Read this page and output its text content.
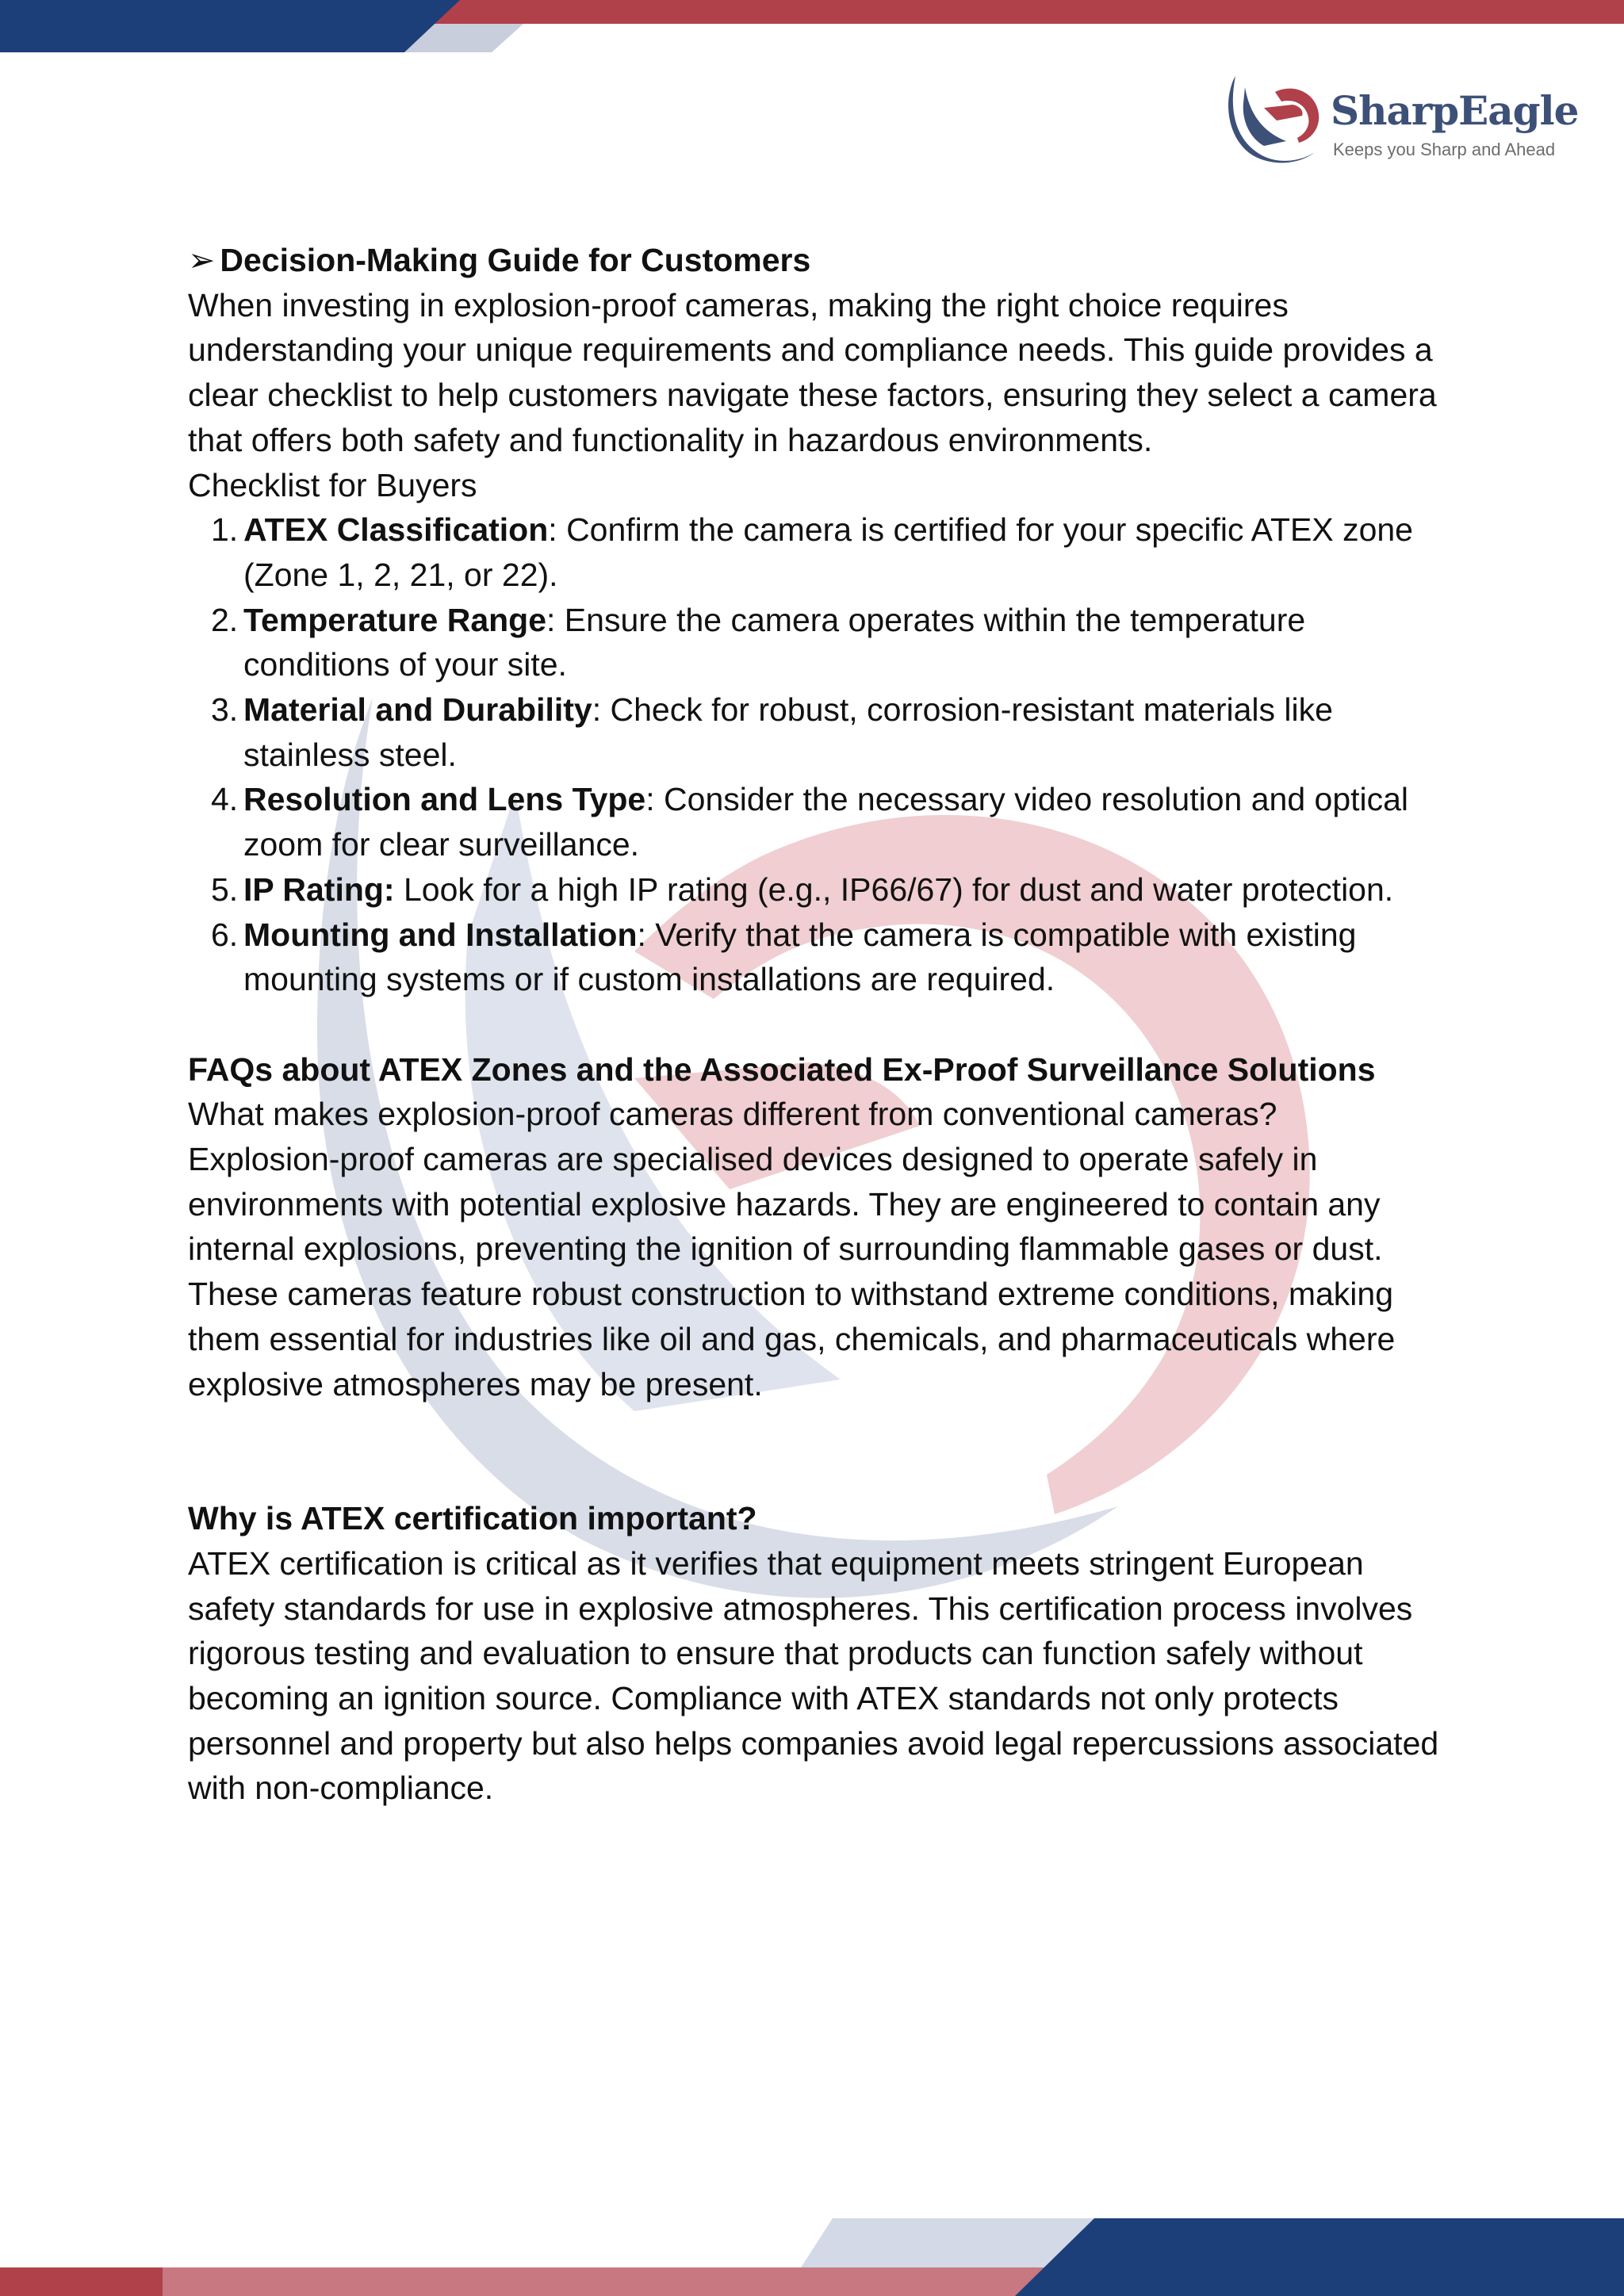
SharpEagle
Keeps you Sharp and Ahead

➢ Decision-Making Guide for Customers

When investing in explosion-proof cameras, making the right choice requires understanding your unique requirements and compliance needs. This guide provides a clear checklist to help customers navigate these factors, ensuring they select a camera that offers both safety and functionality in hazardous environments.

Checklist for Buyers

1. ATEX Classification: Confirm the camera is certified for your specific ATEX zone (Zone 1, 2, 21, or 22).
2. Temperature Range: Ensure the camera operates within the temperature conditions of your site.
3. Material and Durability: Check for robust, corrosion-resistant materials like stainless steel.
4. Resolution and Lens Type: Consider the necessary video resolution and optical zoom for clear surveillance.
5. IP Rating: Look for a high IP rating (e.g., IP66/67) for dust and water protection.
6. Mounting and Installation: Verify that the camera is compatible with existing mounting systems or if custom installations are required.

FAQs about ATEX Zones and the Associated Ex-Proof Surveillance Solutions

What makes explosion-proof cameras different from conventional cameras?

Explosion-proof cameras are specialised devices designed to operate safely in environments with potential explosive hazards. They are engineered to contain any internal explosions, preventing the ignition of surrounding flammable gases or dust. These cameras feature robust construction to withstand extreme conditions, making them essential for industries like oil and gas, chemicals, and pharmaceuticals where explosive atmospheres may be present.

Why is ATEX certification important?

ATEX certification is critical as it verifies that equipment meets stringent European safety standards for use in explosive atmospheres. This certification process involves rigorous testing and evaluation to ensure that products can function safely without becoming an ignition source. Compliance with ATEX standards not only protects personnel and property but also helps companies avoid legal repercussions associated with non-compliance.
